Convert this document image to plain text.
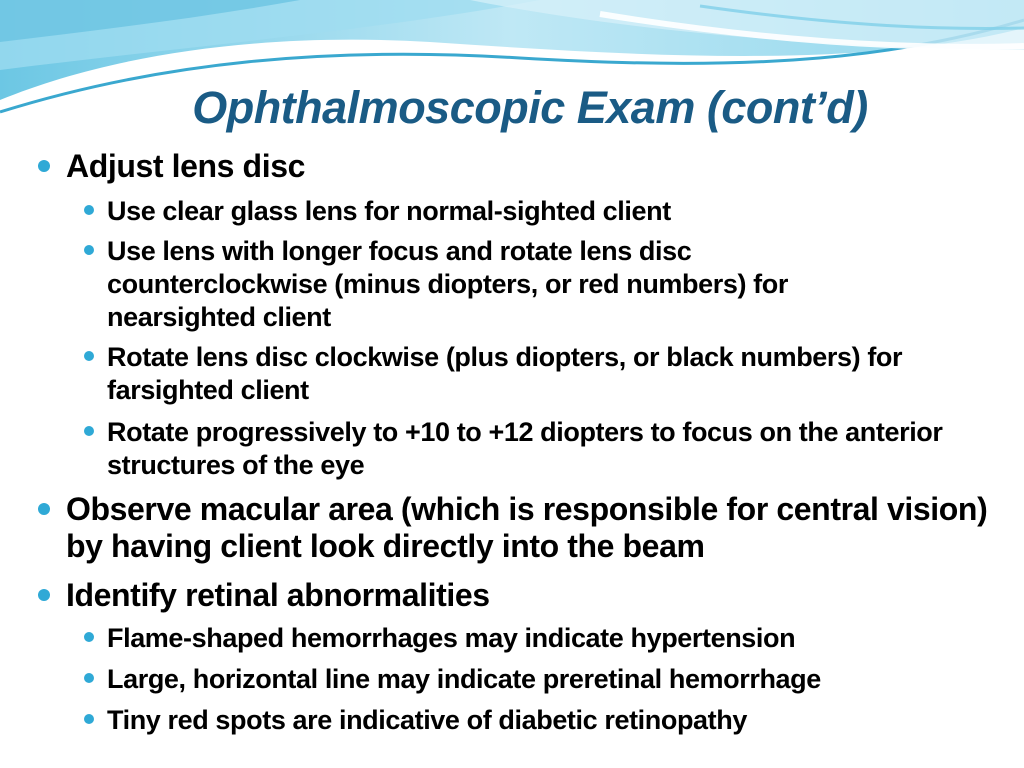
Ophthalmoscopic Exam (cont’d)
Adjust lens disc
Use clear glass lens for normal-sighted client
Use lens with longer focus and rotate lens disc counterclockwise (minus diopters, or red numbers) for nearsighted client
Rotate lens disc clockwise (plus diopters, or black numbers) for farsighted client
Rotate progressively to +10 to +12 diopters to focus on the anterior structures of the eye
Observe macular area (which is responsible for central vision) by having client look directly into the beam
Identify retinal abnormalities
Flame-shaped hemorrhages may indicate hypertension
Large, horizontal line may indicate preretinal hemorrhage
Tiny red spots are indicative of diabetic retinopathy
